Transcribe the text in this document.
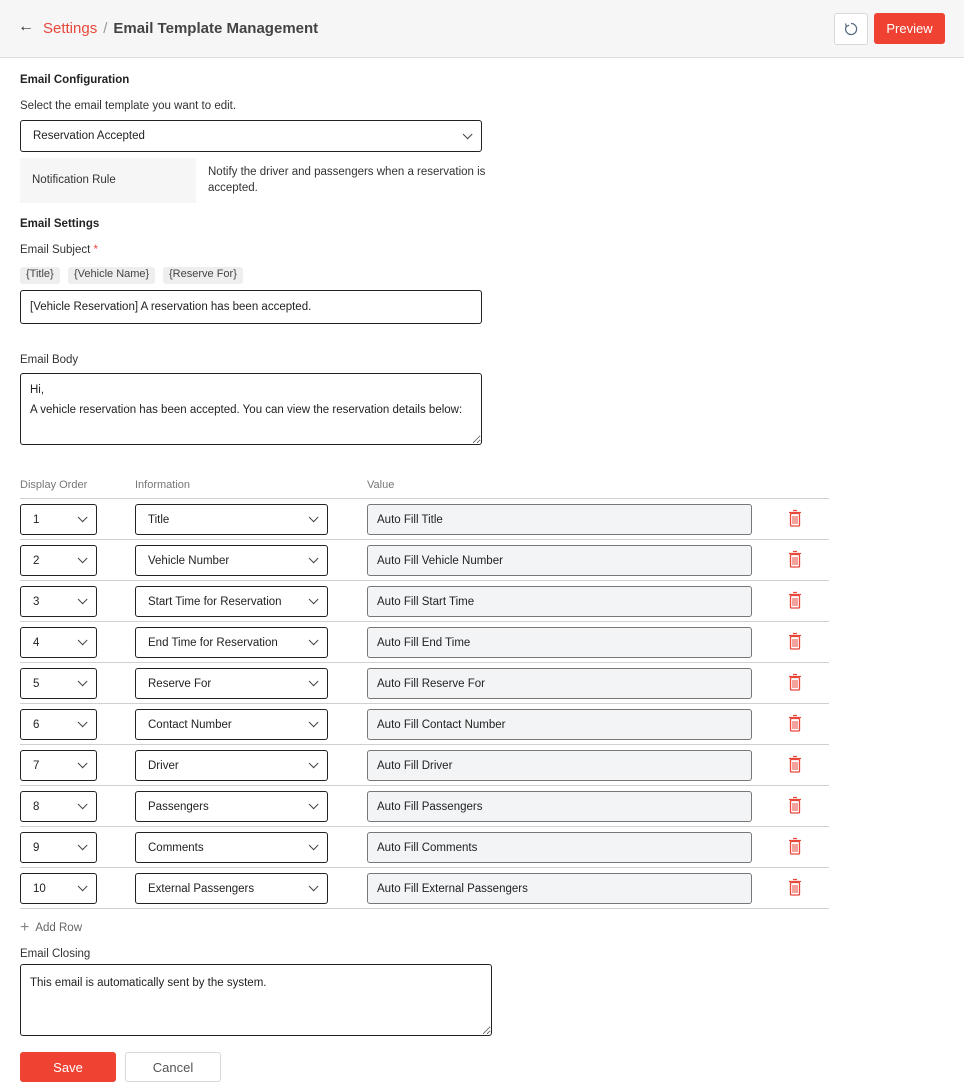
← Settings / Email Template Management	Preview
Email Configuration
Select the email template you want to edit.
Reservation Accepted
Notification Rule
Notify the driver and passengers when a reservation is accepted.
Email Settings
Email Subject *
{Title}	{Vehicle Name}	{Reserve For}
[Vehicle Reservation] A reservation has been accepted.
Email Body
Hi, A vehicle reservation has been accepted. You can view the reservation details below:
Display Order	Information	Value
1	Title	Auto Fill Title
2	Vehicle Number	Auto Fill Vehicle Number
3	Start Time for Reservation	Auto Fill Start Time
4	End Time for Reservation	Auto Fill End Time
5	Reserve For	Auto Fill Reserve For
6	Contact Number	Auto Fill Contact Number
7	Driver	Auto Fill Driver
8	Passengers	Auto Fill Passengers
9	Comments	Auto Fill Comments
10	External Passengers	Auto Fill External Passengers
+ Add Row
Email Closing
This email is automatically sent by the system.
Save	Cancel
